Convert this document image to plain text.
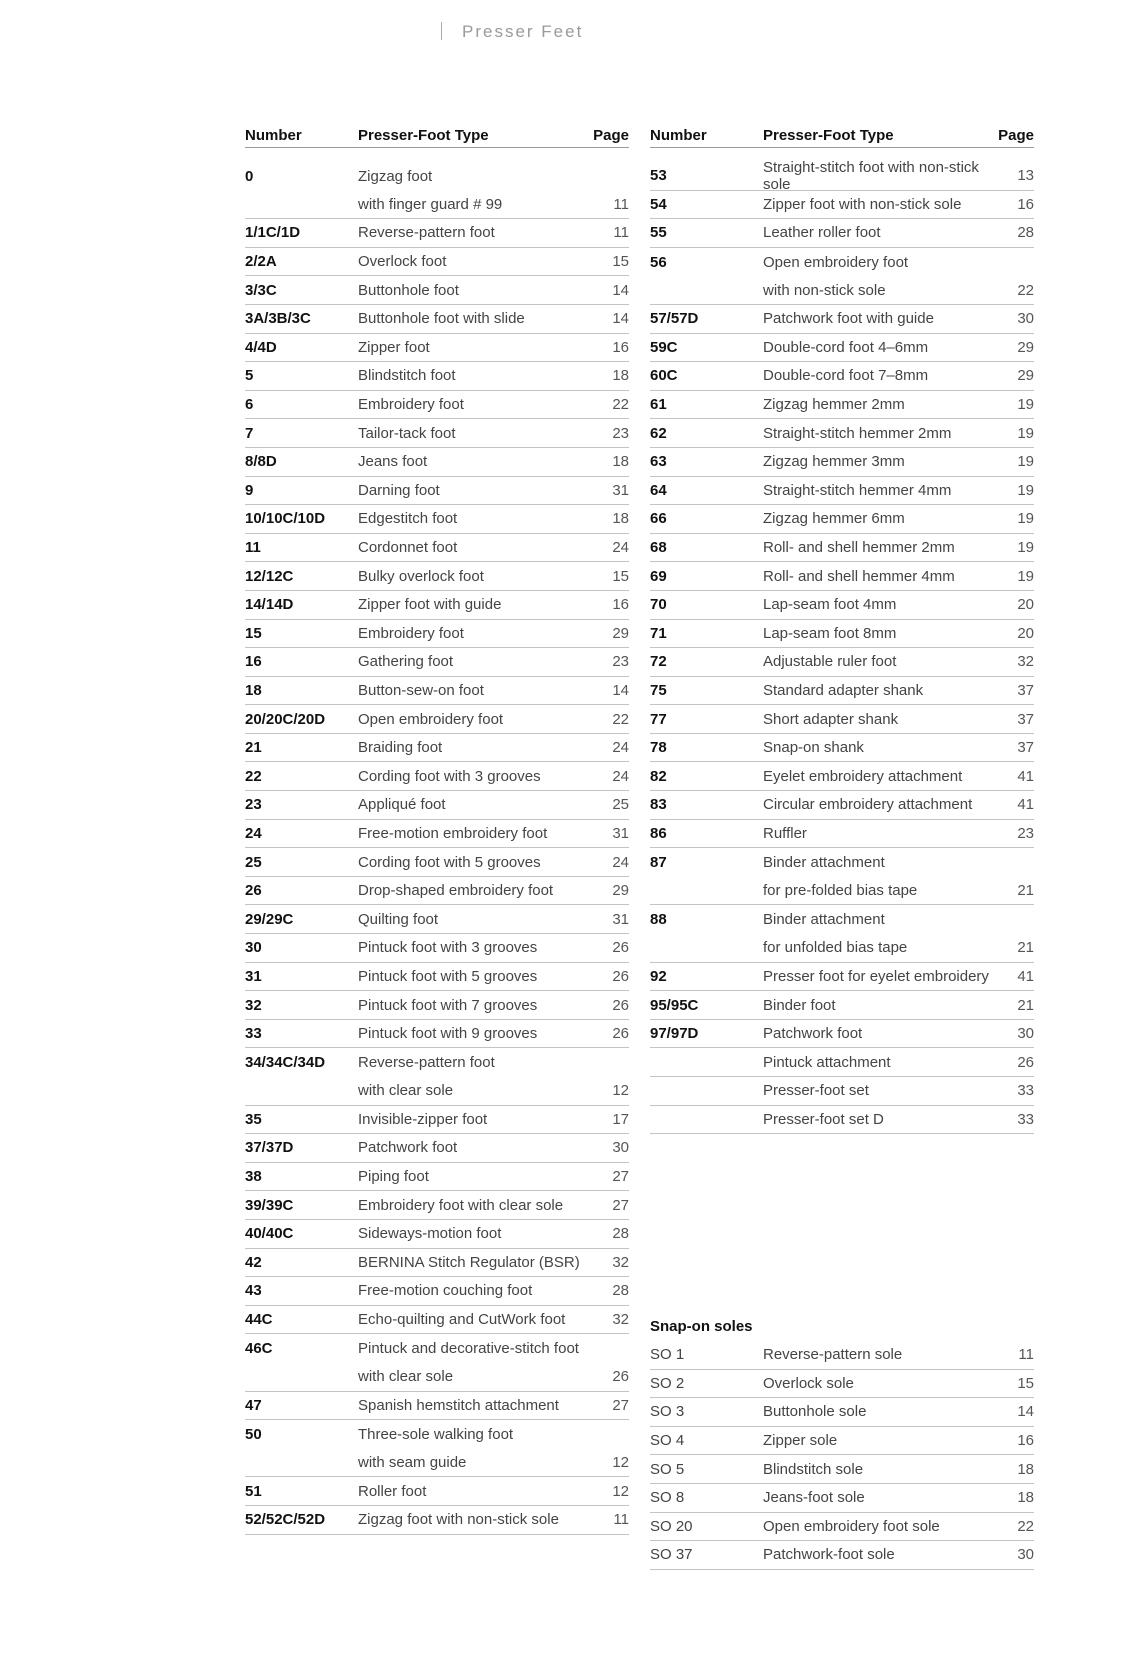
Presser Feet
Number	Presser-Foot Type	Page
0	Zigzag foot
with finger guard # 99	11
1/1C/1D	Reverse-pattern foot	11
2/2A	Overlock foot	15
3/3C	Buttonhole foot	14
3A/3B/3C	Buttonhole foot with slide	14
4/4D	Zipper foot	16
5	Blindstitch foot	18
6	Embroidery foot	22
7	Tailor-tack foot	23
8/8D	Jeans foot	18
9	Darning foot	31
10/10C/10D	Edgestitch foot	18
11	Cordonnet foot	24
12/12C	Bulky overlock foot	15
14/14D	Zipper foot with guide	16
15	Embroidery foot	29
16	Gathering foot	23
18	Button-sew-on foot	14
20/20C/20D	Open embroidery foot	22
21	Braiding foot	24
22	Cording foot with 3 grooves	24
23	Appliqué foot	25
24	Free-motion embroidery foot	31
25	Cording foot with 5 grooves	24
26	Drop-shaped embroidery foot	29
29/29C	Quilting foot	31
30	Pintuck foot with 3 grooves	26
31	Pintuck foot with 5 grooves	26
32	Pintuck foot with 7 grooves	26
33	Pintuck foot with 9 grooves	26
34/34C/34D	Reverse-pattern foot
with clear sole	12
35	Invisible-zipper foot	17
37/37D	Patchwork foot	30
38	Piping foot	27
39/39C	Embroidery foot with clear sole	27
40/40C	Sideways-motion foot	28
42	BERNINA Stitch Regulator (BSR)	32
43	Free-motion couching foot	28
44C	Echo-quilting and CutWork foot	32
46C	Pintuck and decorative-stitch foot
with clear sole	26
47	Spanish hemstitch attachment	27
50	Three-sole walking foot
with seam guide	12
51	Roller foot	12
52/52C/52D	Zigzag foot with non-stick sole	11
Number	Presser-Foot Type	Page
53	Straight-stitch foot with non-stick sole	13
54	Zipper foot with non-stick sole	16
55	Leather roller foot	28
56	Open embroidery foot
with non-stick sole	22
57/57D	Patchwork foot with guide	30
59C	Double-cord foot 4–6mm	29
60C	Double-cord foot 7–8mm	29
61	Zigzag hemmer 2mm	19
62	Straight-stitch hemmer 2mm	19
63	Zigzag hemmer 3mm	19
64	Straight-stitch hemmer 4mm	19
66	Zigzag hemmer 6mm	19
68	Roll- and shell hemmer 2mm	19
69	Roll- and shell hemmer 4mm	19
70	Lap-seam foot 4mm	20
71	Lap-seam foot 8mm	20
72	Adjustable ruler foot	32
75	Standard adapter shank	37
77	Short adapter shank	37
78	Snap-on shank	37
82	Eyelet embroidery attachment	41
83	Circular embroidery attachment	41
86	Ruffler	23
87	Binder attachment
for pre-folded bias tape	21
88	Binder attachment
for unfolded bias tape	21
92	Presser foot for eyelet embroidery	41
95/95C	Binder foot	21
97/97D	Patchwork foot	30
Pintuck attachment	26
Presser-foot set	33
Presser-foot set D	33
Snap-on soles
SO 1	Reverse-pattern sole	11
SO 2	Overlock sole	15
SO 3	Buttonhole sole	14
SO 4	Zipper sole	16
SO 5	Blindstitch sole	18
SO 8	Jeans-foot sole	18
SO 20	Open embroidery foot sole	22
SO 37	Patchwork-foot sole	30
